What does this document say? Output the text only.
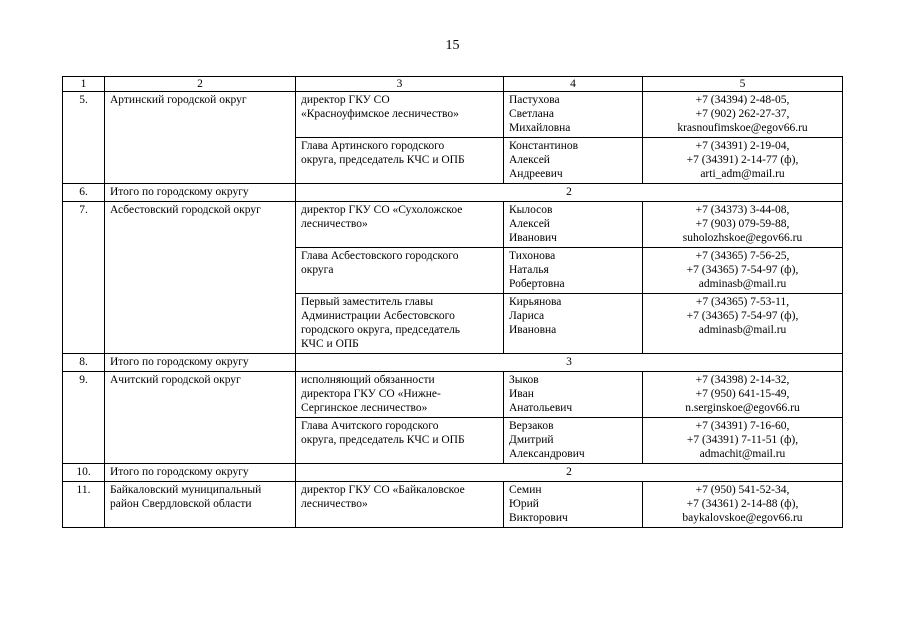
15
1	2	3	4	5
5.	Артинский городской округ	директор ГКУ СО
«Красноуфимское лесничество»	Пастухова
Светлана
Михайловна	+7 (34394) 2-48-05,
+7 (902) 262-27-37,
krasnoufimskoe@egov66.ru

		Глава Артинского городского
округа, председатель КЧС и ОПБ	Константинов
Алексей
Андреевич	+7 (34391) 2-19-04,
+7 (34391) 2-14-77 (ф),
arti_adm@mail.ru

6.	Итого по городскому округу	2		
7.	Асбестовский городской округ	директор ГКУ СО «Сухоложское
лесничество»	Кылосов
Алексей
Иванович	+7 (34373) 3-44-08,
+7 (903) 079-59-88,
suholozhskoe@egov66.ru

		Глава Асбестовского городского
округа	Тихонова
Наталья
Робертовна	+7 (34365) 7-56-25,
+7 (34365) 7-54-97 (ф),
adminasb@mail.ru

		Первый заместитель главы
Администрации Асбестовского
городского округа, председатель
КЧС и ОПБ	Кирьянова
Лариса
Ивановна	+7 (34365) 7-53-11,
+7 (34365) 7-54-97 (ф),
adminasb@mail.ru

8.	Итого по городскому округу	3		
9.	Ачитский городской округ	исполняющий обязанности
директора ГКУ СО «Нижне-
Сергинское лесничество»	Зыков
Иван
Анатольевич	+7 (34398) 2-14-32,
+7 (950) 641-15-49,
n.serginskoe@egov66.ru

		Глава Ачитского городского
округа, председатель КЧС и ОПБ	Верзаков
Дмитрий
Александрович	+7 (34391) 7-16-60,
+7 (34391) 7-11-51 (ф),
admachit@mail.ru

10.	Итого по городскому округу	2		
11.	Байкаловский муниципальный район Свердловской области	директор ГКУ СО «Байкаловское
лесничество»	Семин
Юрий
Викторович	+7 (950) 541-52-34,
+7 (34361) 2-14-88 (ф),
baykalovskoe@egov66.ru
